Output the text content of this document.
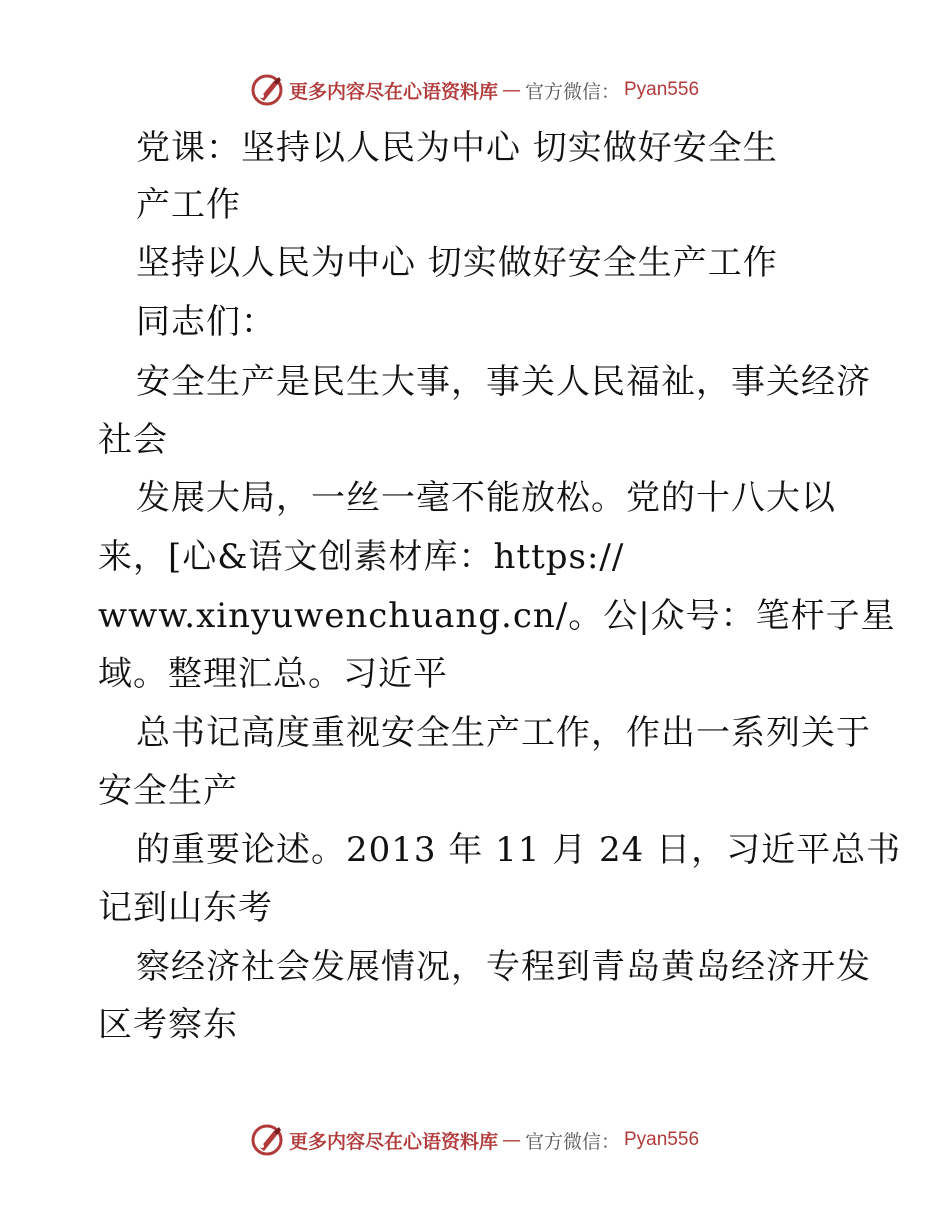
更多内容尽在心语资料库 — 官方微信： Pyan556
党课：坚持以人民为中心 切实做好安全生
产工作
坚持以人民为中心 切实做好安全生产工作
同志们：
安全生产是民生大事，事关人民福祉，事关经济
社会
发展大局，一丝一毫不能放松。党的十八大以
来，[心&语文创素材库：https://
www.xinyuwenchuang.cn/。公|众号：笔杆子星
域。整理汇总。习近平
总书记高度重视安全生产工作，作出一系列关于
安全生产
的重要论述。2013 年 11 月 24 日，习近平总书
记到山东考
察经济社会发展情况，专程到青岛黄岛经济开发
区考察东
更多内容尽在心语资料库 — 官方微信： Pyan556
